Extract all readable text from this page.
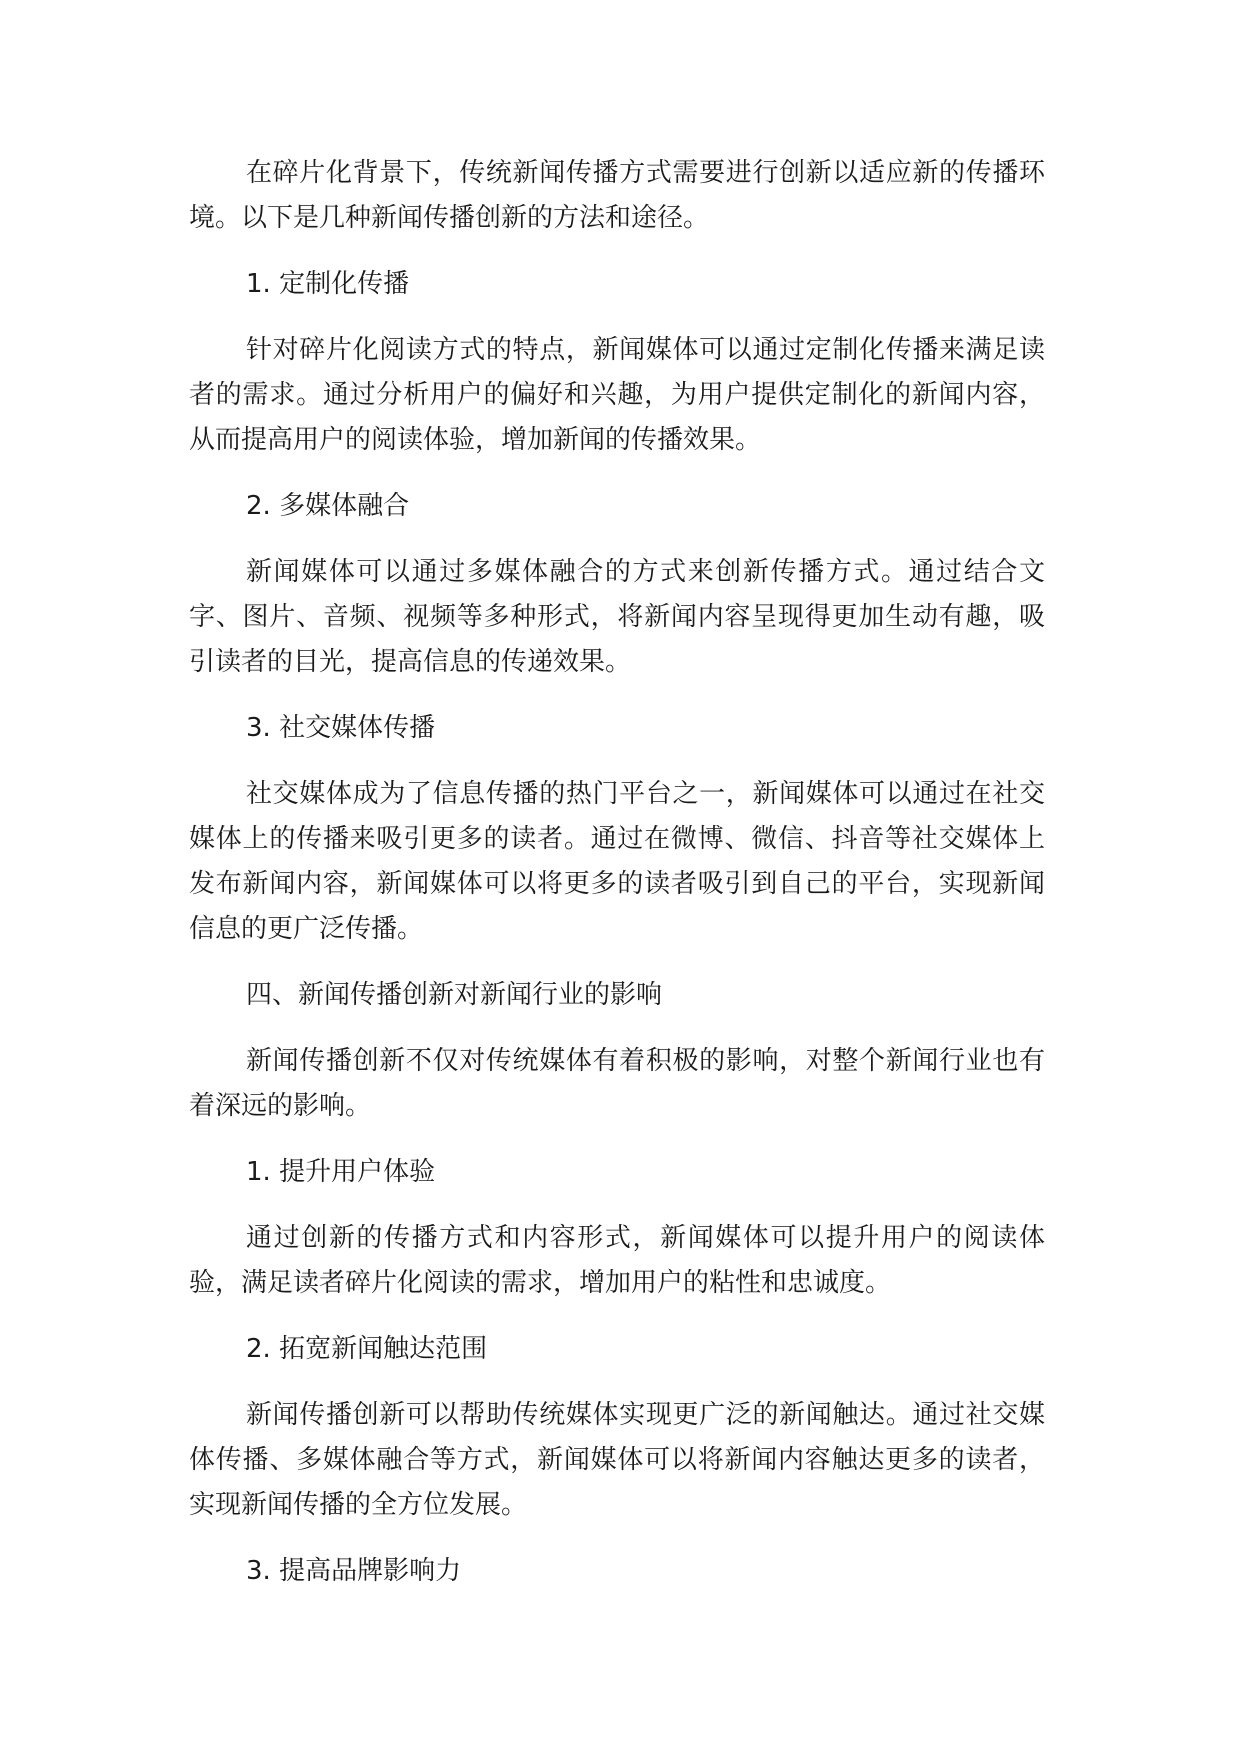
在碎片化背景下，传统新闻传播方式需要进行创新以适应新的传播环境。以下是几种新闻传播创新的方法和途径。

1. 定制化传播

针对碎片化阅读方式的特点，新闻媒体可以通过定制化传播来满足读者的需求。通过分析用户的偏好和兴趣，为用户提供定制化的新闻内容，从而提高用户的阅读体验，增加新闻的传播效果。

2. 多媒体融合

新闻媒体可以通过多媒体融合的方式来创新传播方式。通过结合文字、图片、音频、视频等多种形式，将新闻内容呈现得更加生动有趣，吸引读者的目光，提高信息的传递效果。

3. 社交媒体传播

社交媒体成为了信息传播的热门平台之一，新闻媒体可以通过在社交媒体上的传播来吸引更多的读者。通过在微博、微信、抖音等社交媒体上发布新闻内容，新闻媒体可以将更多的读者吸引到自己的平台，实现新闻信息的更广泛传播。

四、新闻传播创新对新闻行业的影响

新闻传播创新不仅对传统媒体有着积极的影响，对整个新闻行业也有着深远的影响。

1. 提升用户体验

通过创新的传播方式和内容形式，新闻媒体可以提升用户的阅读体验，满足读者碎片化阅读的需求，增加用户的粘性和忠诚度。

2. 拓宽新闻触达范围

新闻传播创新可以帮助传统媒体实现更广泛的新闻触达。通过社交媒体传播、多媒体融合等方式，新闻媒体可以将新闻内容触达更多的读者，实现新闻传播的全方位发展。

3. 提高品牌影响力
